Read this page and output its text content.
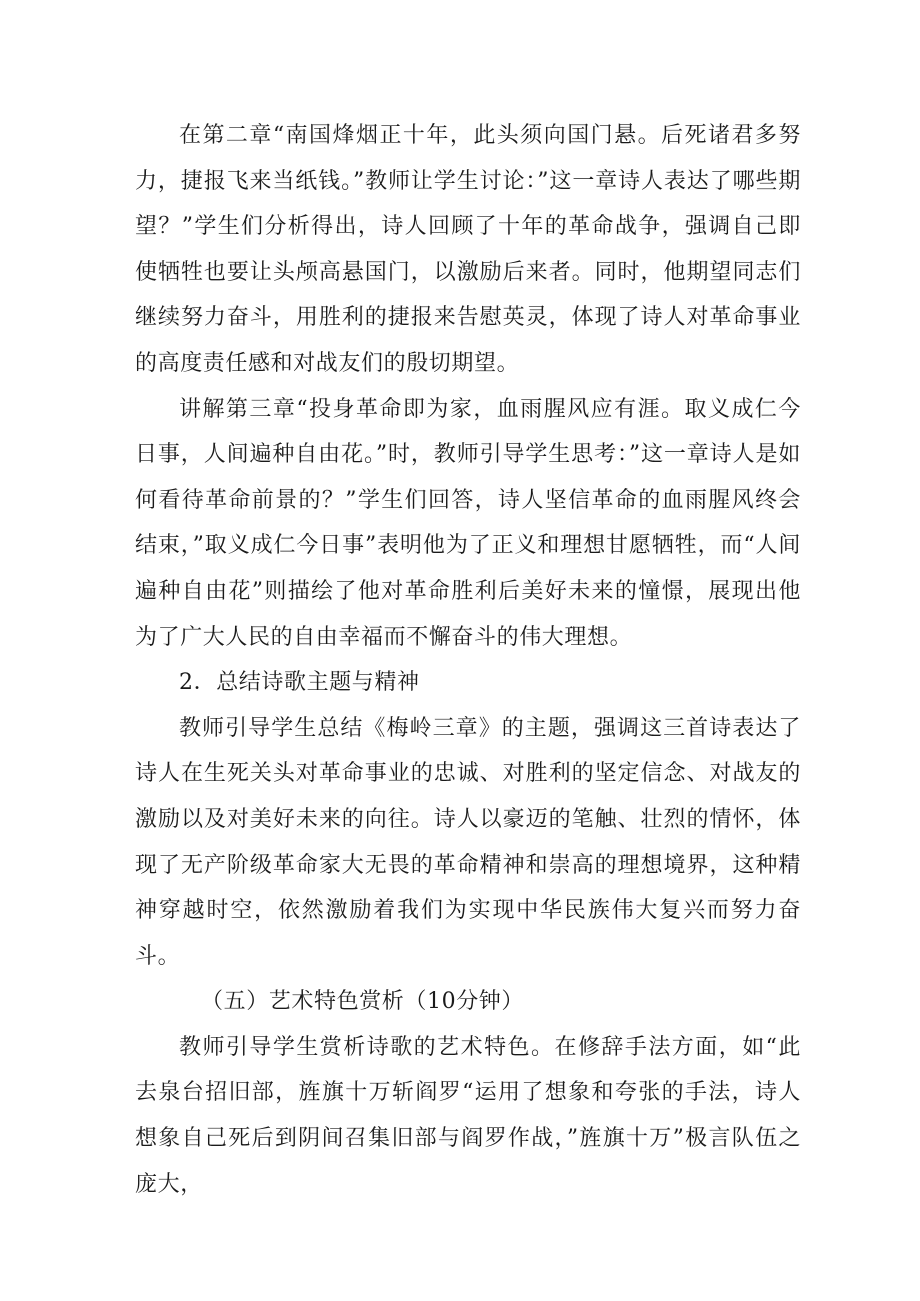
在第二章“南国烽烟正十年，此头须向国门悬。后死诸君多努力，捷报飞来当纸钱。”教师让学生讨论：”这一章诗人表达了哪些期望？”学生们分析得出，诗人回顾了十年的革命战争，强调自己即使牺牲也要让头颅高悬国门，以激励后来者。同时，他期望同志们继续努力奋斗，用胜利的捷报来告慰英灵，体现了诗人对革命事业的高度责任感和对战友们的殷切期望。

讲解第三章“投身革命即为家，血雨腥风应有涯。取义成仁今日事，人间遍种自由花。”时，教师引导学生思考：”这一章诗人是如何看待革命前景的？”学生们回答，诗人坚信革命的血雨腥风终会结束，”取义成仁今日事”表明他为了正义和理想甘愿牺牲，而“人间遍种自由花”则描绘了他对革命胜利后美好未来的憧憬，展现出他为了广大人民的自由幸福而不懈奋斗的伟大理想。

2．总结诗歌主题与精神

教师引导学生总结《梅岭三章》的主题，强调这三首诗表达了诗人在生死关头对革命事业的忠诚、对胜利的坚定信念、对战友的激励以及对美好未来的向往。诗人以豪迈的笔触、壮烈的情怀，体现了无产阶级革命家大无畏的革命精神和崇高的理想境界，这种精神穿越时空，依然激励着我们为实现中华民族伟大复兴而努力奋斗。

（五）艺术特色赏析（10分钟）

教师引导学生赏析诗歌的艺术特色。在修辞手法方面，如“此去泉台招旧部，旌旗十万斩阎罗“运用了想象和夸张的手法，诗人想象自己死后到阴间召集旧部与阎罗作战，”旌旗十万”极言队伍之庞大，
